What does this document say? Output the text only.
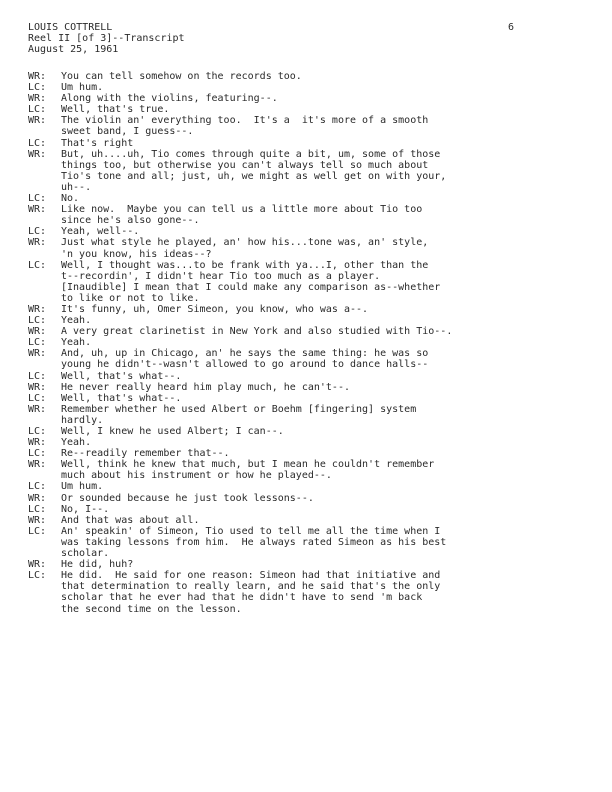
LOUIS COTTRELL
Reel II [of 3]--Transcript
August 25, 1961
6
WR:	You can tell somehow on the records too.
LC:	Um hum.
WR:	Along with the violins, featuring--.
LC:	Well, that's true.
WR:	The violin an' everything too.  It's a  it's more of a smooth
sweet band, I guess--.
LC:	That's right
WR:	But, uh....uh, Tio comes through quite a bit, um, some of those
things too, but otherwise you can't always tell so much about
Tio's tone and all; just, uh, we might as well get on with your,
uh--.
LC:	No.
WR:	Like now.  Maybe you can tell us a little more about Tio too
since he's also gone--.
LC:	Yeah, well--.
WR:	Just what style he played, an' how his...tone was, an' style,
'n you know, his ideas--?
LC:	Well, I thought was...to be frank with ya...I, other than the
t--recordin', I didn't hear Tio too much as a player.
[Inaudible] I mean that I could make any comparison as--whether
to like or not to like.
WR:	It's funny, uh, Omer Simeon, you know, who was a--.
LC:	Yeah.
WR:	A very great clarinetist in New York and also studied with Tio--.
LC:	Yeah.
WR:	And, uh, up in Chicago, an' he says the same thing: he was so
young he didn't--wasn't allowed to go around to dance halls--
LC:	Well, that's what--.
WR:	He never really heard him play much, he can't--.
LC:	Well, that's what--.
WR:	Remember whether he used Albert or Boehm [fingering] system
hardly.
LC:	Well, I knew he used Albert; I can--.
WR:	Yeah.
LC:	Re--readily remember that--.
WR:	Well, think he knew that much, but I mean he couldn't remember
much about his instrument or how he played--.
LC:	Um hum.
WR:	Or sounded because he just took lessons--.
LC:	No, I--.
WR:	And that was about all.
LC:	An' speakin' of Simeon, Tio used to tell me all the time when I
was taking lessons from him.  He always rated Simeon as his best
scholar.
WR:	He did, huh?
LC:	He did.  He said for one reason: Simeon had that initiative and
that determination to really learn, and he said that's the only
scholar that he ever had that he didn't have to send 'm back
the second time on the lesson.
